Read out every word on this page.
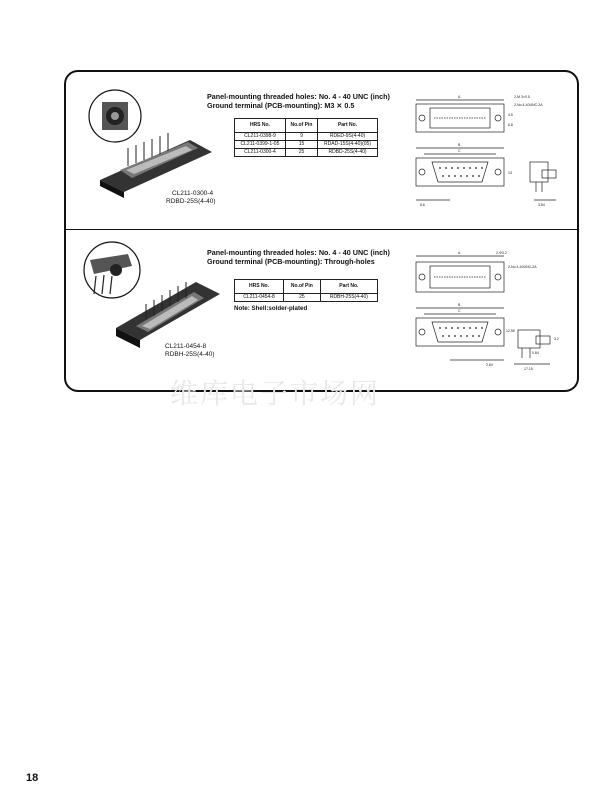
Panel-mounting threaded holes: No. 4 - 40 UNC (inch)
Ground terminal (PCB-mounting): M3 ✕ 0.5
HRS No.	No.of Pin	Part No.
CL211-0398-9	9	RDED-9S(4-40)
CL211-0399-1-05	15	RDAD-15S(4-40)(05)
CL211-0300-4	25	RDBD-25S(4-40)
CL211-0300-4
RDBD-25S(4-40)
A
B
C
2-M 3×0.5
2-No.4-40UNC-2A
4.5
6.8
13
8.6	3.84
Panel-mounting threaded holes: No. 4 - 40 UNC (inch)
Ground terminal (PCB-mounting): Through-holes
HRS No.	No.of Pin	Part No.
CL211-0454-8	25	RDBH-25S(4-40)
Note: Shell:solder-plated
CL211-0454-8
RDBH-25S(4-40)
A
B
C
2-Φ3.2
2-No.4-40UNC-2A
12.55
2.84
3.2
0.84
17.15
维库电子市场网
18
